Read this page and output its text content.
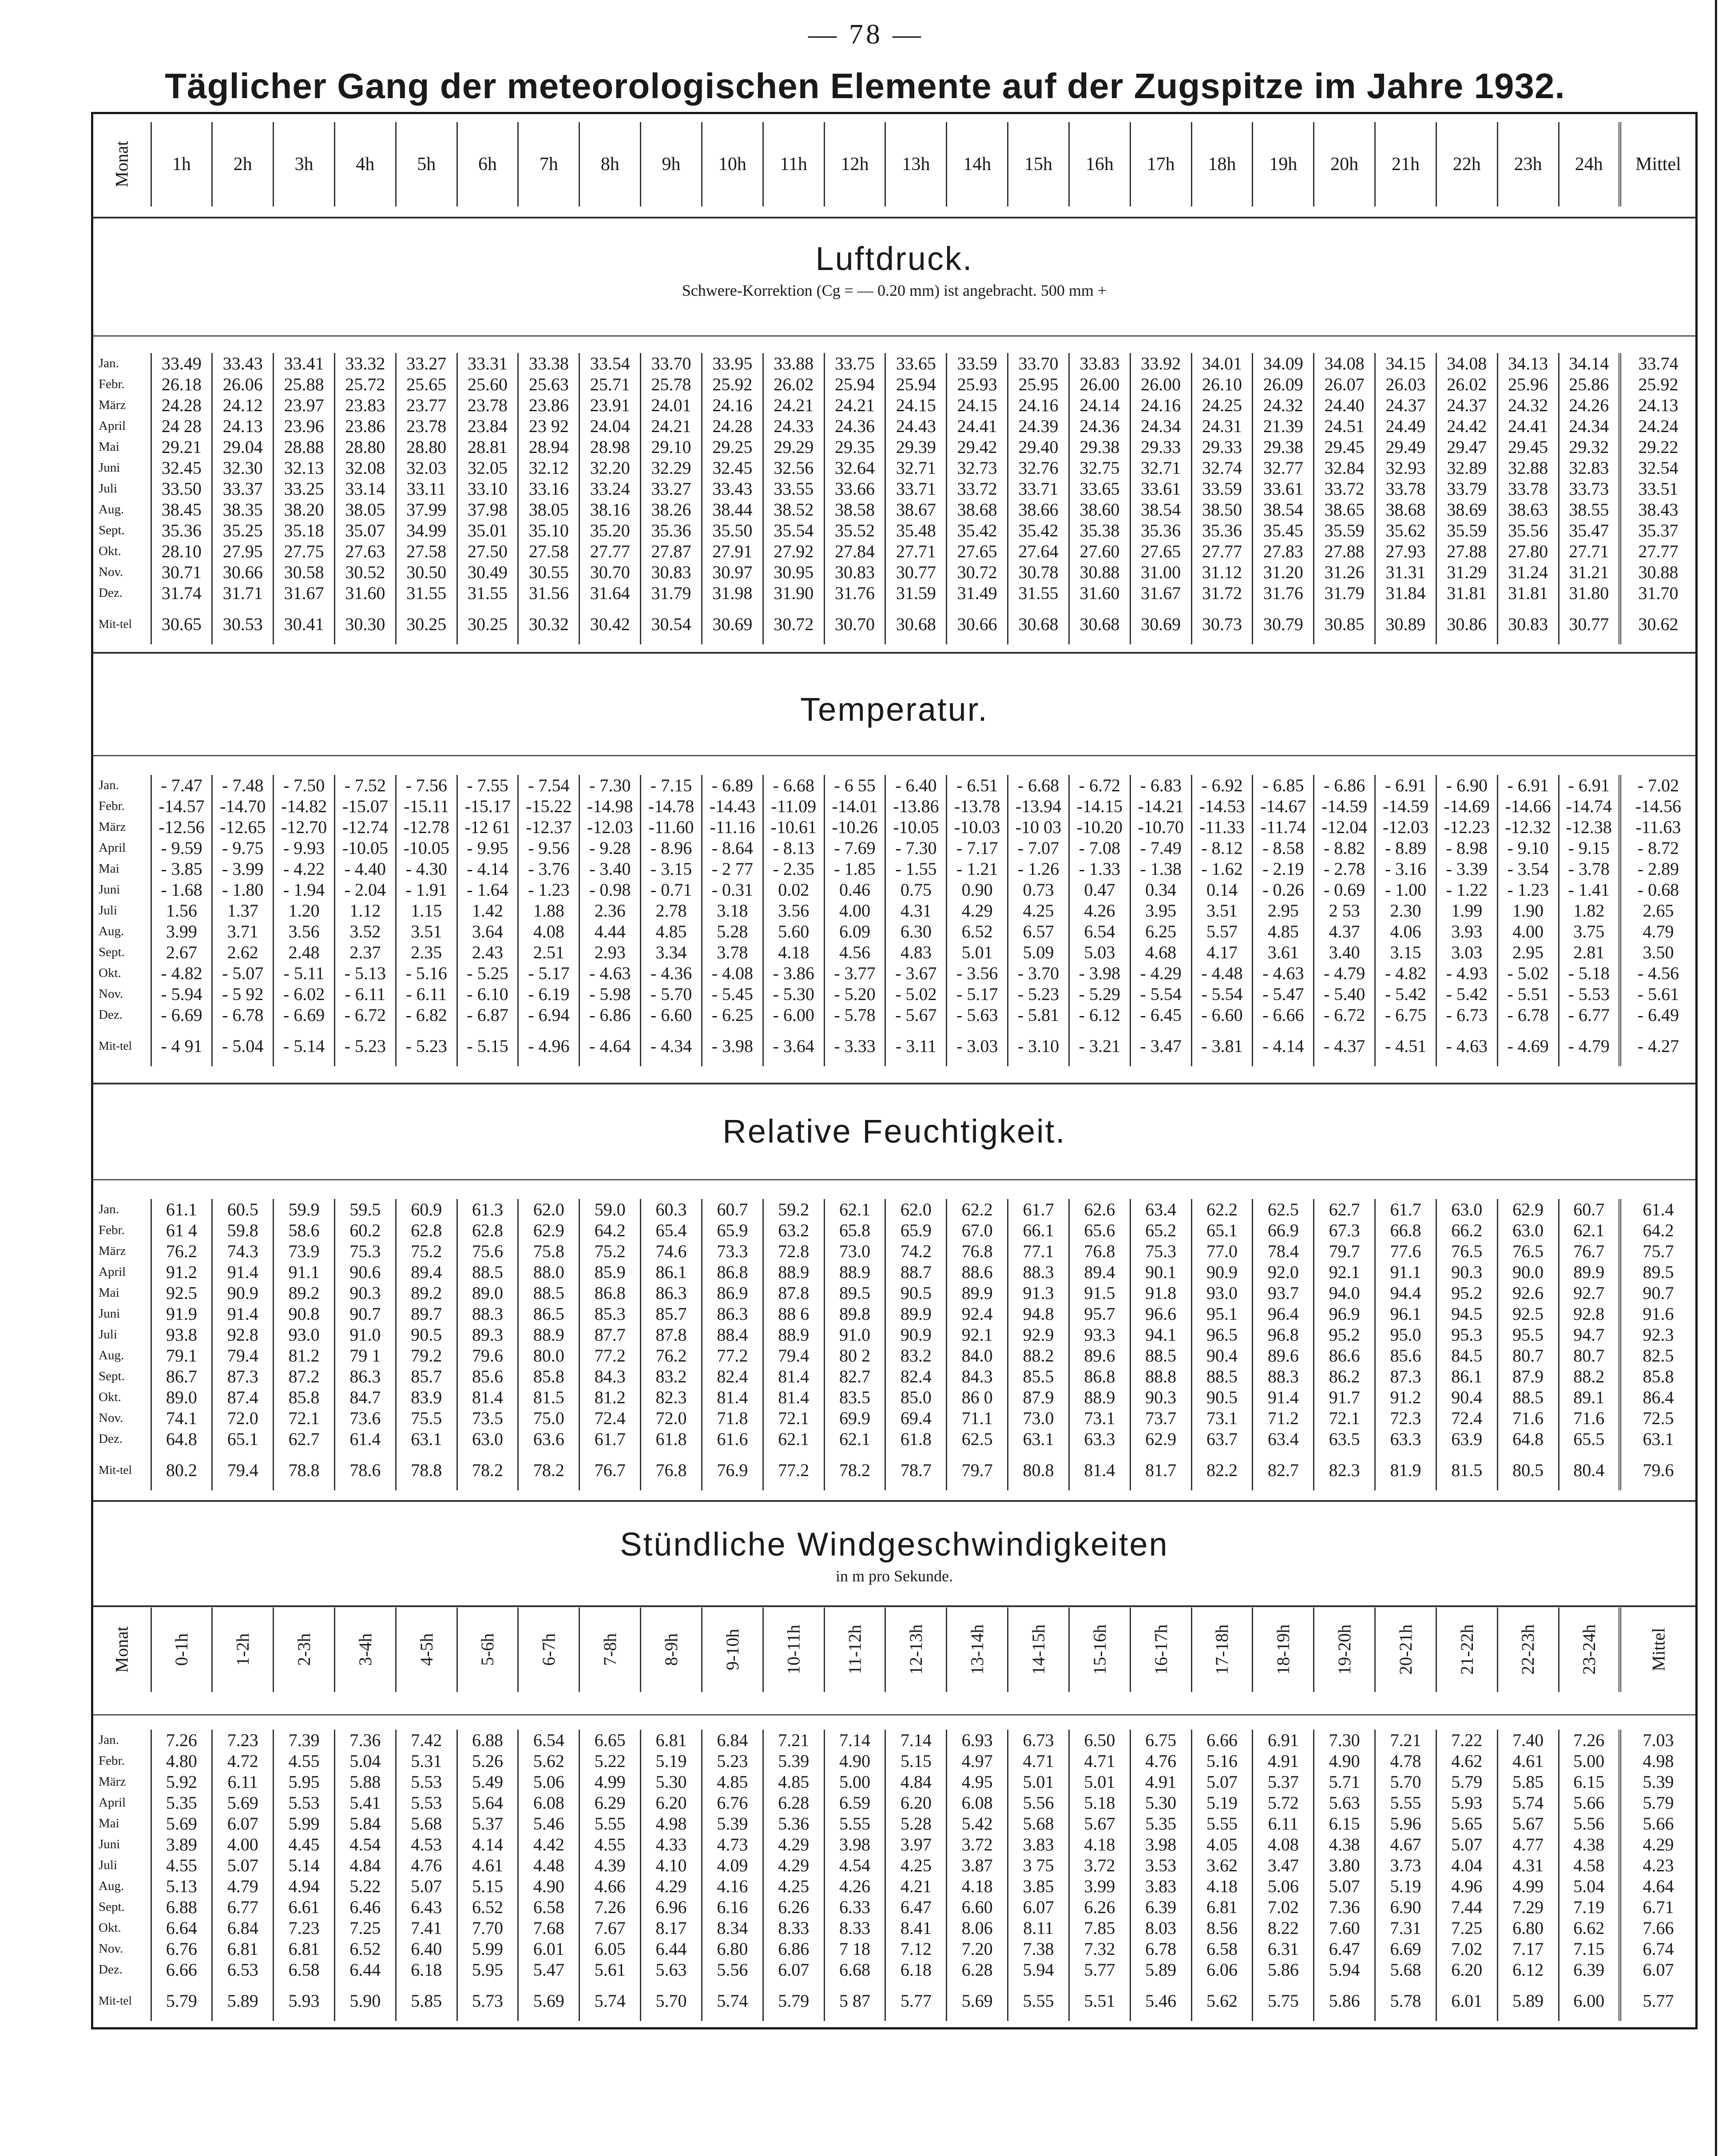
— 78 —
Täglicher Gang der meteorologischen Elemente auf der Zugspitze im Jahre 1932.
Monat	1h	2h	3h	4h	5h	6h	7h	8h	9h	10h	11h	12h	13h	14h	15h	16h	17h	18h	19h	20h	21h	22h	23h	24h	Mittel
Luftdruck.
Schwere-Korrektion (Cg = — 0.20 mm) ist angebracht. 500 mm +
Jan.	33.49	33.43	33.41	33.32	33.27	33.31	33.38	33.54	33.70	33.95	33.88	33.75	33.65	33.59	33.70	33.83	33.92	34.01	34.09	34.08	34.15	34.08	34.13	34.14	33.74
Febr.	26.18	26.06	25.88	25.72	25.65	25.60	25.63	25.71	25.78	25.92	26.02	25.94	25.94	25.93	25.95	26.00	26.00	26.10	26.09	26.07	26.03	26.02	25.96	25.86	25.92
März	24.28	24.12	23.97	23.83	23.77	23.78	23.86	23.91	24.01	24.16	24.21	24.21	24.15	24.15	24.16	24.14	24.16	24.25	24.32	24.40	24.37	24.37	24.32	24.26	24.13
April	24 28	24.13	23.96	23.86	23.78	23.84	23 92	24.04	24.21	24.28	24.33	24.36	24.43	24.41	24.39	24.36	24.34	24.31	21.39	24.51	24.49	24.42	24.41	24.34	24.24
Mai	29.21	29.04	28.88	28.80	28.80	28.81	28.94	28.98	29.10	29.25	29.29	29.35	29.39	29.42	29.40	29.38	29.33	29.33	29.38	29.45	29.49	29.47	29.45	29.32	29.22
Juni	32.45	32.30	32.13	32.08	32.03	32.05	32.12	32.20	32.29	32.45	32.56	32.64	32.71	32.73	32.76	32.75	32.71	32.74	32.77	32.84	32.93	32.89	32.88	32.83	32.54
Juli	33.50	33.37	33.25	33.14	33.11	33.10	33.16	33.24	33.27	33.43	33.55	33.66	33.71	33.72	33.71	33.65	33.61	33.59	33.61	33.72	33.78	33.79	33.78	33.73	33.51
Aug.	38.45	38.35	38.20	38.05	37.99	37.98	38.05	38.16	38.26	38.44	38.52	38.58	38.67	38.68	38.66	38.60	38.54	38.50	38.54	38.65	38.68	38.69	38.63	38.55	38.43
Sept.	35.36	35.25	35.18	35.07	34.99	35.01	35.10	35.20	35.36	35.50	35.54	35.52	35.48	35.42	35.42	35.38	35.36	35.36	35.45	35.59	35.62	35.59	35.56	35.47	35.37
Okt.	28.10	27.95	27.75	27.63	27.58	27.50	27.58	27.77	27.87	27.91	27.92	27.84	27.71	27.65	27.64	27.60	27.65	27.77	27.83	27.88	27.93	27.88	27.80	27.71	27.77
Nov.	30.71	30.66	30.58	30.52	30.50	30.49	30.55	30.70	30.83	30.97	30.95	30.83	30.77	30.72	30.78	30.88	31.00	31.12	31.20	31.26	31.31	31.29	31.24	31.21	30.88
Dez.	31.74	31.71	31.67	31.60	31.55	31.55	31.56	31.64	31.79	31.98	31.90	31.76	31.59	31.49	31.55	31.60	31.67	31.72	31.76	31.79	31.84	31.81	31.81	31.80	31.70
Mit-tel	30.65	30.53	30.41	30.30	30.25	30.25	30.32	30.42	30.54	30.69	30.72	30.70	30.68	30.66	30.68	30.68	30.69	30.73	30.79	30.85	30.89	30.86	30.83	30.77	30.62
Temperatur.
Jan.	- 7.47	- 7.48	- 7.50	- 7.52	- 7.56	- 7.55	- 7.54	- 7.30	- 7.15	- 6.89	- 6.68	- 6 55	- 6.40	- 6.51	- 6.68	- 6.72	- 6.83	- 6.92	- 6.85	- 6.86	- 6.91	- 6.90	- 6.91	- 6.91	- 7.02
Febr.	-14.57	-14.70	-14.82	-15.07	-15.11	-15.17	-15.22	-14.98	-14.78	-14.43	-11.09	-14.01	-13.86	-13.78	-13.94	-14.15	-14.21	-14.53	-14.67	-14.59	-14.59	-14.69	-14.66	-14.74	-14.56
März	-12.56	-12.65	-12.70	-12.74	-12.78	-12 61	-12.37	-12.03	-11.60	-11.16	-10.61	-10.26	-10.05	-10.03	-10 03	-10.20	-10.70	-11.33	-11.74	-12.04	-12.03	-12.23	-12.32	-12.38	-11.63
April	- 9.59	- 9.75	- 9.93	-10.05	-10.05	- 9.95	- 9.56	- 9.28	- 8.96	- 8.64	- 8.13	- 7.69	- 7.30	- 7.17	- 7.07	- 7.08	- 7.49	- 8.12	- 8.58	- 8.82	- 8.89	- 8.98	- 9.10	- 9.15	- 8.72
Mai	- 3.85	- 3.99	- 4.22	- 4.40	- 4.30	- 4.14	- 3.76	- 3.40	- 3.15	- 2 77	- 2.35	- 1.85	- 1.55	- 1.21	- 1.26	- 1.33	- 1.38	- 1.62	- 2.19	- 2.78	- 3.16	- 3.39	- 3.54	- 3.78	- 2.89
Juni	- 1.68	- 1.80	- 1.94	- 2.04	- 1.91	- 1.64	- 1.23	- 0.98	- 0.71	- 0.31	0.02	0.46	0.75	0.90	0.73	0.47	0.34	0.14	- 0.26	- 0.69	- 1.00	- 1.22	- 1.23	- 1.41	- 0.68
Juli	1.56	1.37	1.20	1.12	1.15	1.42	1.88	2.36	2.78	3.18	3.56	4.00	4.31	4.29	4.25	4.26	3.95	3.51	2.95	2 53	2.30	1.99	1.90	1.82	2.65
Aug.	3.99	3.71	3.56	3.52	3.51	3.64	4.08	4.44	4.85	5.28	5.60	6.09	6.30	6.52	6.57	6.54	6.25	5.57	4.85	4.37	4.06	3.93	4.00	3.75	4.79
Sept.	2.67	2.62	2.48	2.37	2.35	2.43	2.51	2.93	3.34	3.78	4.18	4.56	4.83	5.01	5.09	5.03	4.68	4.17	3.61	3.40	3.15	3.03	2.95	2.81	3.50
Okt.	- 4.82	- 5.07	- 5.11	- 5.13	- 5.16	- 5.25	- 5.17	- 4.63	- 4.36	- 4.08	- 3.86	- 3.77	- 3.67	- 3.56	- 3.70	- 3.98	- 4.29	- 4.48	- 4.63	- 4.79	- 4.82	- 4.93	- 5.02	- 5.18	- 4.56
Nov.	- 5.94	- 5 92	- 6.02	- 6.11	- 6.11	- 6.10	- 6.19	- 5.98	- 5.70	- 5.45	- 5.30	- 5.20	- 5.02	- 5.17	- 5.23	- 5.29	- 5.54	- 5.54	- 5.47	- 5.40	- 5.42	- 5.42	- 5.51	- 5.53	- 5.61
Dez.	- 6.69	- 6.78	- 6.69	- 6.72	- 6.82	- 6.87	- 6.94	- 6.86	- 6.60	- 6.25	- 6.00	- 5.78	- 5.67	- 5.63	- 5.81	- 6.12	- 6.45	- 6.60	- 6.66	- 6.72	- 6.75	- 6.73	- 6.78	- 6.77	- 6.49
Mit-tel	- 4 91	- 5.04	- 5.14	- 5.23	- 5.23	- 5.15	- 4.96	- 4.64	- 4.34	- 3.98	- 3.64	- 3.33	- 3.11	- 3.03	- 3.10	- 3.21	- 3.47	- 3.81	- 4.14	- 4.37	- 4.51	- 4.63	- 4.69	- 4.79	- 4.27
Relative Feuchtigkeit.
Jan.	61.1	60.5	59.9	59.5	60.9	61.3	62.0	59.0	60.3	60.7	59.2	62.1	62.0	62.2	61.7	62.6	63.4	62.2	62.5	62.7	61.7	63.0	62.9	60.7	61.4
Febr.	61 4	59.8	58.6	60.2	62.8	62.8	62.9	64.2	65.4	65.9	63.2	65.8	65.9	67.0	66.1	65.6	65.2	65.1	66.9	67.3	66.8	66.2	63.0	62.1	64.2
März	76.2	74.3	73.9	75.3	75.2	75.6	75.8	75.2	74.6	73.3	72.8	73.0	74.2	76.8	77.1	76.8	75.3	77.0	78.4	79.7	77.6	76.5	76.5	76.7	75.7
April	91.2	91.4	91.1	90.6	89.4	88.5	88.0	85.9	86.1	86.8	88.9	88.9	88.7	88.6	88.3	89.4	90.1	90.9	92.0	92.1	91.1	90.3	90.0	89.9	89.5
Mai	92.5	90.9	89.2	90.3	89.2	89.0	88.5	86.8	86.3	86.9	87.8	89.5	90.5	89.9	91.3	91.5	91.8	93.0	93.7	94.0	94.4	95.2	92.6	92.7	90.7
Juni	91.9	91.4	90.8	90.7	89.7	88.3	86.5	85.3	85.7	86.3	88 6	89.8	89.9	92.4	94.8	95.7	96.6	95.1	96.4	96.9	96.1	94.5	92.5	92.8	91.6
Juli	93.8	92.8	93.0	91.0	90.5	89.3	88.9	87.7	87.8	88.4	88.9	91.0	90.9	92.1	92.9	93.3	94.1	96.5	96.8	95.2	95.0	95.3	95.5	94.7	92.3
Aug.	79.1	79.4	81.2	79 1	79.2	79.6	80.0	77.2	76.2	77.2	79.4	80 2	83.2	84.0	88.2	89.6	88.5	90.4	89.6	86.6	85.6	84.5	80.7	80.7	82.5
Sept.	86.7	87.3	87.2	86.3	85.7	85.6	85.8	84.3	83.2	82.4	81.4	82.7	82.4	84.3	85.5	86.8	88.8	88.5	88.3	86.2	87.3	86.1	87.9	88.2	85.8
Okt.	89.0	87.4	85.8	84.7	83.9	81.4	81.5	81.2	82.3	81.4	81.4	83.5	85.0	86 0	87.9	88.9	90.3	90.5	91.4	91.7	91.2	90.4	88.5	89.1	86.4
Nov.	74.1	72.0	72.1	73.6	75.5	73.5	75.0	72.4	72.0	71.8	72.1	69.9	69.4	71.1	73.0	73.1	73.7	73.1	71.2	72.1	72.3	72.4	71.6	71.6	72.5
Dez.	64.8	65.1	62.7	61.4	63.1	63.0	63.6	61.7	61.8	61.6	62.1	62.1	61.8	62.5	63.1	63.3	62.9	63.7	63.4	63.5	63.3	63.9	64.8	65.5	63.1
Mit-tel	80.2	79.4	78.8	78.6	78.8	78.2	78.2	76.7	76.8	76.9	77.2	78.2	78.7	79.7	80.8	81.4	81.7	82.2	82.7	82.3	81.9	81.5	80.5	80.4	79.6
Stündliche Windgeschwindigkeiten
in m pro Sekunde.
Monat	0-1h	1-2h	2-3h	3-4h	4-5h	5-6h	6-7h	7-8h	8-9h	9-10h	10-11h	11-12h	12-13h	13-14h	14-15h	15-16h	16-17h	17-18h	18-19h	19-20h	20-21h	21-22h	22-23h	23-24h	Mittel
Jan.	7.26	7.23	7.39	7.36	7.42	6.88	6.54	6.65	6.81	6.84	7.21	7.14	7.14	6.93	6.73	6.50	6.75	6.66	6.91	7.30	7.21	7.22	7.40	7.26	7.03
Febr.	4.80	4.72	4.55	5.04	5.31	5.26	5.62	5.22	5.19	5.23	5.39	4.90	5.15	4.97	4.71	4.71	4.76	5.16	4.91	4.90	4.78	4.62	4.61	5.00	4.98
März	5.92	6.11	5.95	5.88	5.53	5.49	5.06	4.99	5.30	4.85	4.85	5.00	4.84	4.95	5.01	5.01	4.91	5.07	5.37	5.71	5.70	5.79	5.85	6.15	5.39
April	5.35	5.69	5.53	5.41	5.53	5.64	6.08	6.29	6.20	6.76	6.28	6.59	6.20	6.08	5.56	5.18	5.30	5.19	5.72	5.63	5.55	5.93	5.74	5.66	5.79
Mai	5.69	6.07	5.99	5.84	5.68	5.37	5.46	5.55	4.98	5.39	5.36	5.55	5.28	5.42	5.68	5.67	5.35	5.55	6.11	6.15	5.96	5.65	5.67	5.56	5.66
Juni	3.89	4.00	4.45	4.54	4.53	4.14	4.42	4.55	4.33	4.73	4.29	3.98	3.97	3.72	3.83	4.18	3.98	4.05	4.08	4.38	4.67	5.07	4.77	4.38	4.29
Juli	4.55	5.07	5.14	4.84	4.76	4.61	4.48	4.39	4.10	4.09	4.29	4.54	4.25	3.87	3 75	3.72	3.53	3.62	3.47	3.80	3.73	4.04	4.31	4.58	4.23
Aug.	5.13	4.79	4.94	5.22	5.07	5.15	4.90	4.66	4.29	4.16	4.25	4.26	4.21	4.18	3.85	3.99	3.83	4.18	5.06	5.07	5.19	4.96	4.99	5.04	4.64
Sept.	6.88	6.77	6.61	6.46	6.43	6.52	6.58	7.26	6.96	6.16	6.26	6.33	6.47	6.60	6.07	6.26	6.39	6.81	7.02	7.36	6.90	7.44	7.29	7.19	6.71
Okt.	6.64	6.84	7.23	7.25	7.41	7.70	7.68	7.67	8.17	8.34	8.33	8.33	8.41	8.06	8.11	7.85	8.03	8.56	8.22	7.60	7.31	7.25	6.80	6.62	7.66
Nov.	6.76	6.81	6.81	6.52	6.40	5.99	6.01	6.05	6.44	6.80	6.86	7 18	7.12	7.20	7.38	7.32	6.78	6.58	6.31	6.47	6.69	7.02	7.17	7.15	6.74
Dez.	6.66	6.53	6.58	6.44	6.18	5.95	5.47	5.61	5.63	5.56	6.07	6.68	6.18	6.28	5.94	5.77	5.89	6.06	5.86	5.94	5.68	6.20	6.12	6.39	6.07
Mit-tel	5.79	5.89	5.93	5.90	5.85	5.73	5.69	5.74	5.70	5.74	5.79	5 87	5.77	5.69	5.55	5.51	5.46	5.62	5.75	5.86	5.78	6.01	5.89	6.00	5.77
